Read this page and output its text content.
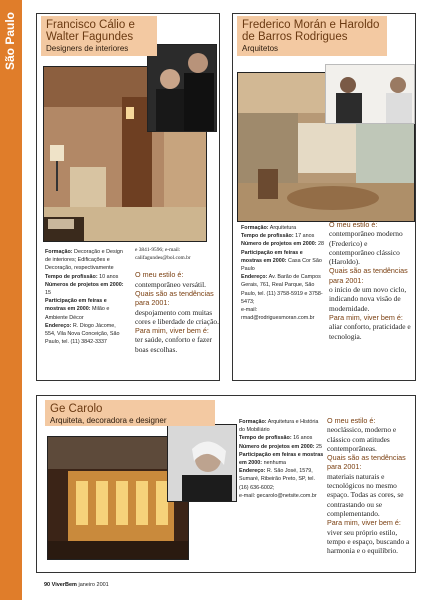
São Paulo	Francisco Cálio e
Walter Fagundes
Designers de interiores
Formação: Decoração e Design de interiores; Edificações e Decoração, respectivamente
Tempo de profissão: 10 anos
Números de projetos em 2000: 15
Participação em feiras e mostras em 2000: Milão e Ambiente Décor
Endereço: R. Diogo Jácome, 554, Vila Nova Conceição, São Paulo, tel. (11) 3842-3337
e 3841-9596; e-mail: califagundes@bol.com.br
O meu estilo é:
contemporâneo versátil.
Quais são as tendências para 2001:
despojamento com muitas cores e liberdade de criação.
Para mim, viver bem é:
ter saúde, conforto e fazer boas escolhas.
Frederico Morán e Haroldo
de Barros Rodrigues
Arquitetos
Formação: Arquitetura
Tempo de profissão: 17 anos
Número de projetos em 2000: 28
Participação em feiras e mostras em 2000: Casa Cor São Paulo
Endereço: Av. Barão de Campos Gerais, 761, Real Parque, São Paulo, tel. (11) 3758-5919 e 3758-5473;
e-mail: rmad@rodriguesmoran.com.br
O meu estilo é:
contemporâneo moderno (Frederico) e contemporâneo clássico (Haroldo).
Quais são as tendências para 2001:
o início de um novo ciclo, indicando nova visão de modernidade.
Para mim, viver bem é:
aliar conforto, praticidade e tecnologia.
Ge Carolo
Arquiteta, decoradora e designer	Formação: Arquitetura e História do Mobiliário
Tempo de profissão: 16 anos
Número de projetos em 2000: 25
Participação em feiras e mostras em 2000: nenhuma
Endereço: R. São José, 1579, Sumaré, Ribeirão Preto, SP, tel. (16) 636-6002;
e-mail: gecarolo@netsite.com.br
O meu estilo é:
neoclássico, moderno e clássico com atitudes contemporâneas.
Quais são as tendências para 2001:
materiais naturais e tecnológicos no mesmo espaço. Todas as cores, se contrastando ou se complementando.
Para mim, viver bem é:
viver seu próprio estilo, tempo e espaço, buscando a harmonia e o equilíbrio.
90 ViverBem janeiro 2001
